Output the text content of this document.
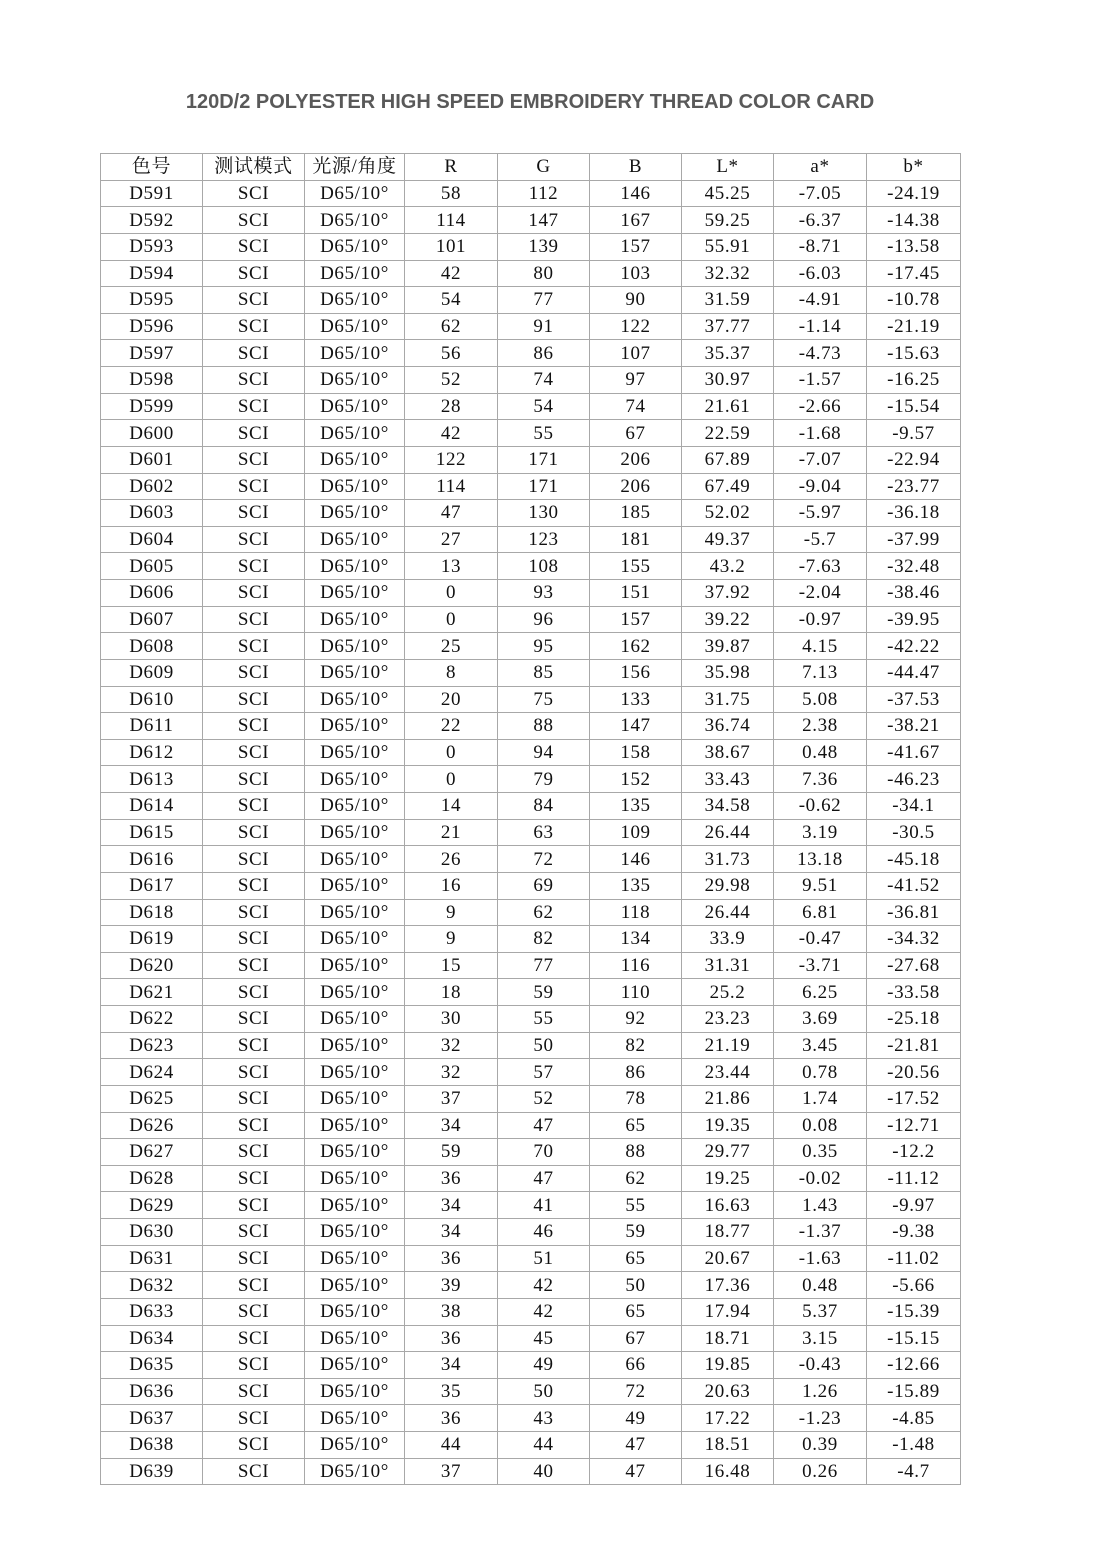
120D/2 POLYESTER HIGH SPEED EMBROIDERY THREAD COLOR CARD
色号	测试模式	光源/角度	R	G	B	L*	a*	b*
D591	SCI	D65/10°	58	112	146	45.25	-7.05	-24.19
D592	SCI	D65/10°	114	147	167	59.25	-6.37	-14.38
D593	SCI	D65/10°	101	139	157	55.91	-8.71	-13.58
D594	SCI	D65/10°	42	80	103	32.32	-6.03	-17.45
D595	SCI	D65/10°	54	77	90	31.59	-4.91	-10.78
D596	SCI	D65/10°	62	91	122	37.77	-1.14	-21.19
D597	SCI	D65/10°	56	86	107	35.37	-4.73	-15.63
D598	SCI	D65/10°	52	74	97	30.97	-1.57	-16.25
D599	SCI	D65/10°	28	54	74	21.61	-2.66	-15.54
D600	SCI	D65/10°	42	55	67	22.59	-1.68	-9.57
D601	SCI	D65/10°	122	171	206	67.89	-7.07	-22.94
D602	SCI	D65/10°	114	171	206	67.49	-9.04	-23.77
D603	SCI	D65/10°	47	130	185	52.02	-5.97	-36.18
D604	SCI	D65/10°	27	123	181	49.37	-5.7	-37.99
D605	SCI	D65/10°	13	108	155	43.2	-7.63	-32.48
D606	SCI	D65/10°	0	93	151	37.92	-2.04	-38.46
D607	SCI	D65/10°	0	96	157	39.22	-0.97	-39.95
D608	SCI	D65/10°	25	95	162	39.87	4.15	-42.22
D609	SCI	D65/10°	8	85	156	35.98	7.13	-44.47
D610	SCI	D65/10°	20	75	133	31.75	5.08	-37.53
D611	SCI	D65/10°	22	88	147	36.74	2.38	-38.21
D612	SCI	D65/10°	0	94	158	38.67	0.48	-41.67
D613	SCI	D65/10°	0	79	152	33.43	7.36	-46.23
D614	SCI	D65/10°	14	84	135	34.58	-0.62	-34.1
D615	SCI	D65/10°	21	63	109	26.44	3.19	-30.5
D616	SCI	D65/10°	26	72	146	31.73	13.18	-45.18
D617	SCI	D65/10°	16	69	135	29.98	9.51	-41.52
D618	SCI	D65/10°	9	62	118	26.44	6.81	-36.81
D619	SCI	D65/10°	9	82	134	33.9	-0.47	-34.32
D620	SCI	D65/10°	15	77	116	31.31	-3.71	-27.68
D621	SCI	D65/10°	18	59	110	25.2	6.25	-33.58
D622	SCI	D65/10°	30	55	92	23.23	3.69	-25.18
D623	SCI	D65/10°	32	50	82	21.19	3.45	-21.81
D624	SCI	D65/10°	32	57	86	23.44	0.78	-20.56
D625	SCI	D65/10°	37	52	78	21.86	1.74	-17.52
D626	SCI	D65/10°	34	47	65	19.35	0.08	-12.71
D627	SCI	D65/10°	59	70	88	29.77	0.35	-12.2
D628	SCI	D65/10°	36	47	62	19.25	-0.02	-11.12
D629	SCI	D65/10°	34	41	55	16.63	1.43	-9.97
D630	SCI	D65/10°	34	46	59	18.77	-1.37	-9.38
D631	SCI	D65/10°	36	51	65	20.67	-1.63	-11.02
D632	SCI	D65/10°	39	42	50	17.36	0.48	-5.66
D633	SCI	D65/10°	38	42	65	17.94	5.37	-15.39
D634	SCI	D65/10°	36	45	67	18.71	3.15	-15.15
D635	SCI	D65/10°	34	49	66	19.85	-0.43	-12.66
D636	SCI	D65/10°	35	50	72	20.63	1.26	-15.89
D637	SCI	D65/10°	36	43	49	17.22	-1.23	-4.85
D638	SCI	D65/10°	44	44	47	18.51	0.39	-1.48
D639	SCI	D65/10°	37	40	47	16.48	0.26	-4.7
